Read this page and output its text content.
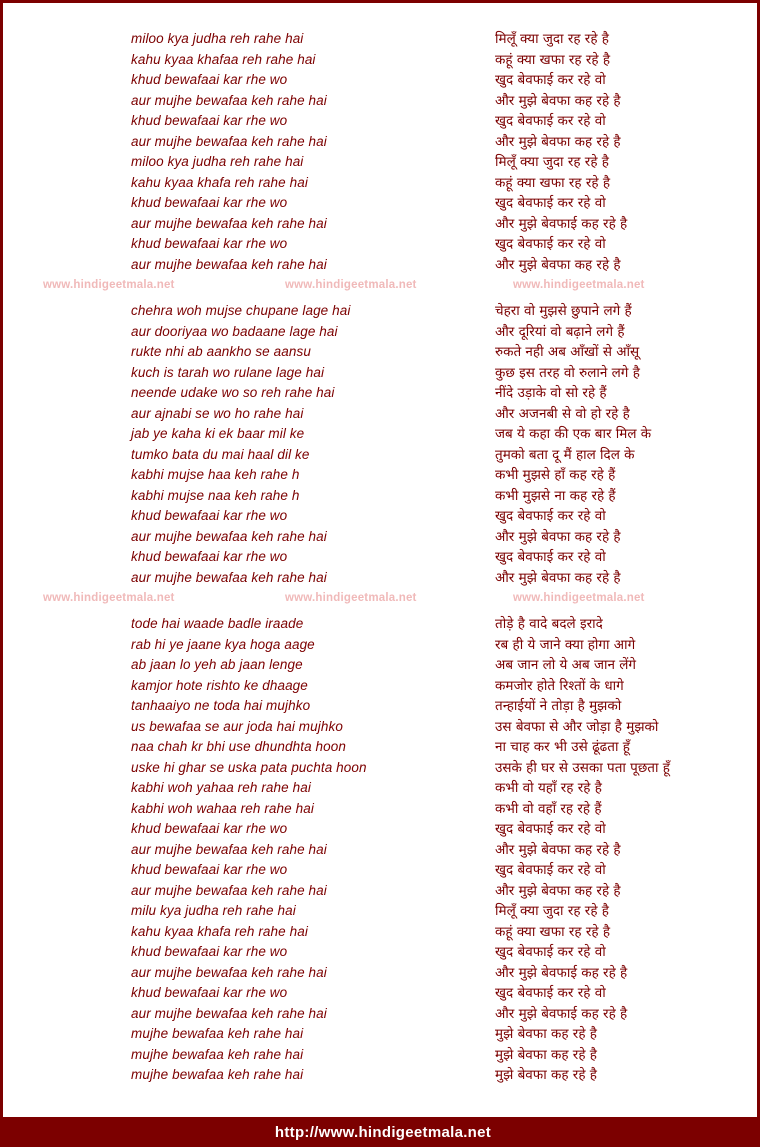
miloo kya judha reh rahe hai	मिलूँ क्या जुदा रह रहे है
kahu kyaa khafaa reh rahe hai	कहूं क्या खफा रह रहे है
khud bewafaai kar rhe wo	खुद बेवफाई कर रहे वो
aur mujhe bewafaa keh rahe hai	और मुझे बेवफा कह रहे है
khud bewafaai kar rhe wo	खुद बेवफाई कर रहे वो
aur mujhe bewafaa keh rahe hai	और मुझे बेवफा कह रहे है
miloo kya judha reh rahe hai	मिलूँ क्या जुदा रह रहे है
kahu kyaa khafa reh rahe hai	कहूं क्या खफा रह रहे है
khud bewafaai kar rhe wo	खुद बेवफाई कर रहे वो
aur mujhe bewafaa keh rahe hai	और मुझे बेवफाई कह रहे है
khud bewafaai kar rhe wo	खुद बेवफाई कर रहे वो
aur mujhe bewafaa keh rahe hai	और मुझे बेवफा कह रहे है
www.hindigeetmala.net	www.hindigeetmala.net	www.hindigeetmala.net
chehra woh mujse chupane lage hai	चेहरा वो मुझसे छुपाने लगे हैं
aur dooriyaa wo badaane lage hai	और दूरियां वो बढ़ाने लगे हैं
rukte nhi ab aankho se aansu	रुकते नही अब आँखों से आँसू
kuch is tarah wo rulane lage hai	कुछ इस तरह वो रुलाने लगे है
neende udake wo so reh rahe hai	नींदे उड़ाके वो सो रहे हैं
aur ajnabi se wo ho rahe hai	और अजनबी से वो हो रहे है
jab ye kaha ki ek baar mil ke	जब ये कहा की एक बार मिल के
tumko bata du mai haal dil ke	तुमको बता दू मैं हाल दिल के
kabhi mujse haa keh rahe h	कभी मुझसे हाँ कह रहे हैं
kabhi mujse naa keh rahe h	कभी मुझसे ना कह रहे हैं
khud bewafaai kar rhe wo	खुद बेवफाई कर रहे वो
aur mujhe bewafaa keh rahe hai	और मुझे बेवफा कह रहे है
khud bewafaai kar rhe wo	खुद बेवफाई कर रहे वो
aur mujhe bewafaa keh rahe hai	और मुझे बेवफा कह रहे है
www.hindigeetmala.net	www.hindigeetmala.net	www.hindigeetmala.net
tode hai waade badle iraade	तोड़े है वादे बदले इरादे
rab hi ye jaane kya hoga aage	रब ही ये जाने क्या होगा आगे
ab jaan lo yeh ab jaan lenge	अब जान लो ये अब जान लेंगे
kamjor hote rishto ke dhaage	कमजोर होते रिश्तों के धागे
tanhaaiyo ne toda hai mujhko	तन्हाईयों ने तोड़ा है मुझको
us bewafaa se aur joda hai mujhko	उस बेवफा से और जोड़ा है मुझको
naa chah kr bhi use dhundhta hoon	ना चाह कर भी उसे ढूंढता हूँ
uske hi ghar se uska pata puchta hoon	उसके ही घर से उसका पता पूछता हूँ
kabhi woh yahaa reh rahe hai	कभी वो यहाँ रह रहे है
kabhi woh wahaa reh rahe hai	कभी वो वहाँ रह रहे हैं
khud bewafaai kar rhe wo	खुद बेवफाई कर रहे वो
aur mujhe bewafaa keh rahe hai	और मुझे बेवफा कह रहे है
khud bewafaai kar rhe wo	खुद बेवफाई कर रहे वो
aur mujhe bewafaa keh rahe hai	और मुझे बेवफा कह रहे है
milu kya judha reh rahe hai	मिलूँ क्या जुदा रह रहे है
kahu kyaa khafa reh rahe hai	कहूं क्या खफा रह रहे है
khud bewafaai kar rhe wo	खुद बेवफाई कर रहे वो
aur mujhe bewafaa keh rahe hai	और मुझे बेवफाई कह रहे है
khud bewafaai kar rhe wo	खुद बेवफाई कर रहे वो
aur mujhe bewafaa keh rahe hai	और मुझे बेवफाई कह रहे है
mujhe bewafaa keh rahe hai	मुझे बेवफा कह रहे है
mujhe bewafaa keh rahe hai	मुझे बेवफा कह रहे है
mujhe bewafaa keh rahe hai	मुझे बेवफा कह रहे है
http://www.hindigeetmala.net
